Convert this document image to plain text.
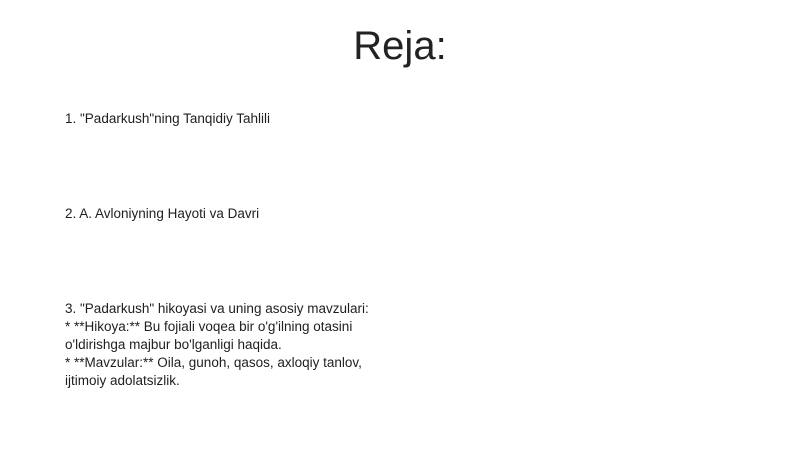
Reja:
1. "Padarkush"ning Tanqidiy Tahlili
2. A. Avloniyning Hayoti va Davri
3. "Padarkush" hikoyasi va uning asosiy mavzulari:
* **Hikoya:** Bu fojiali voqea bir o'g'ilning otasini
o'ldirishga majbur bo'lganligi haqida.
* **Mavzular:** Oila, gunoh, qasos, axloqiy tanlov,
ijtimoiy adolatsizlik.
